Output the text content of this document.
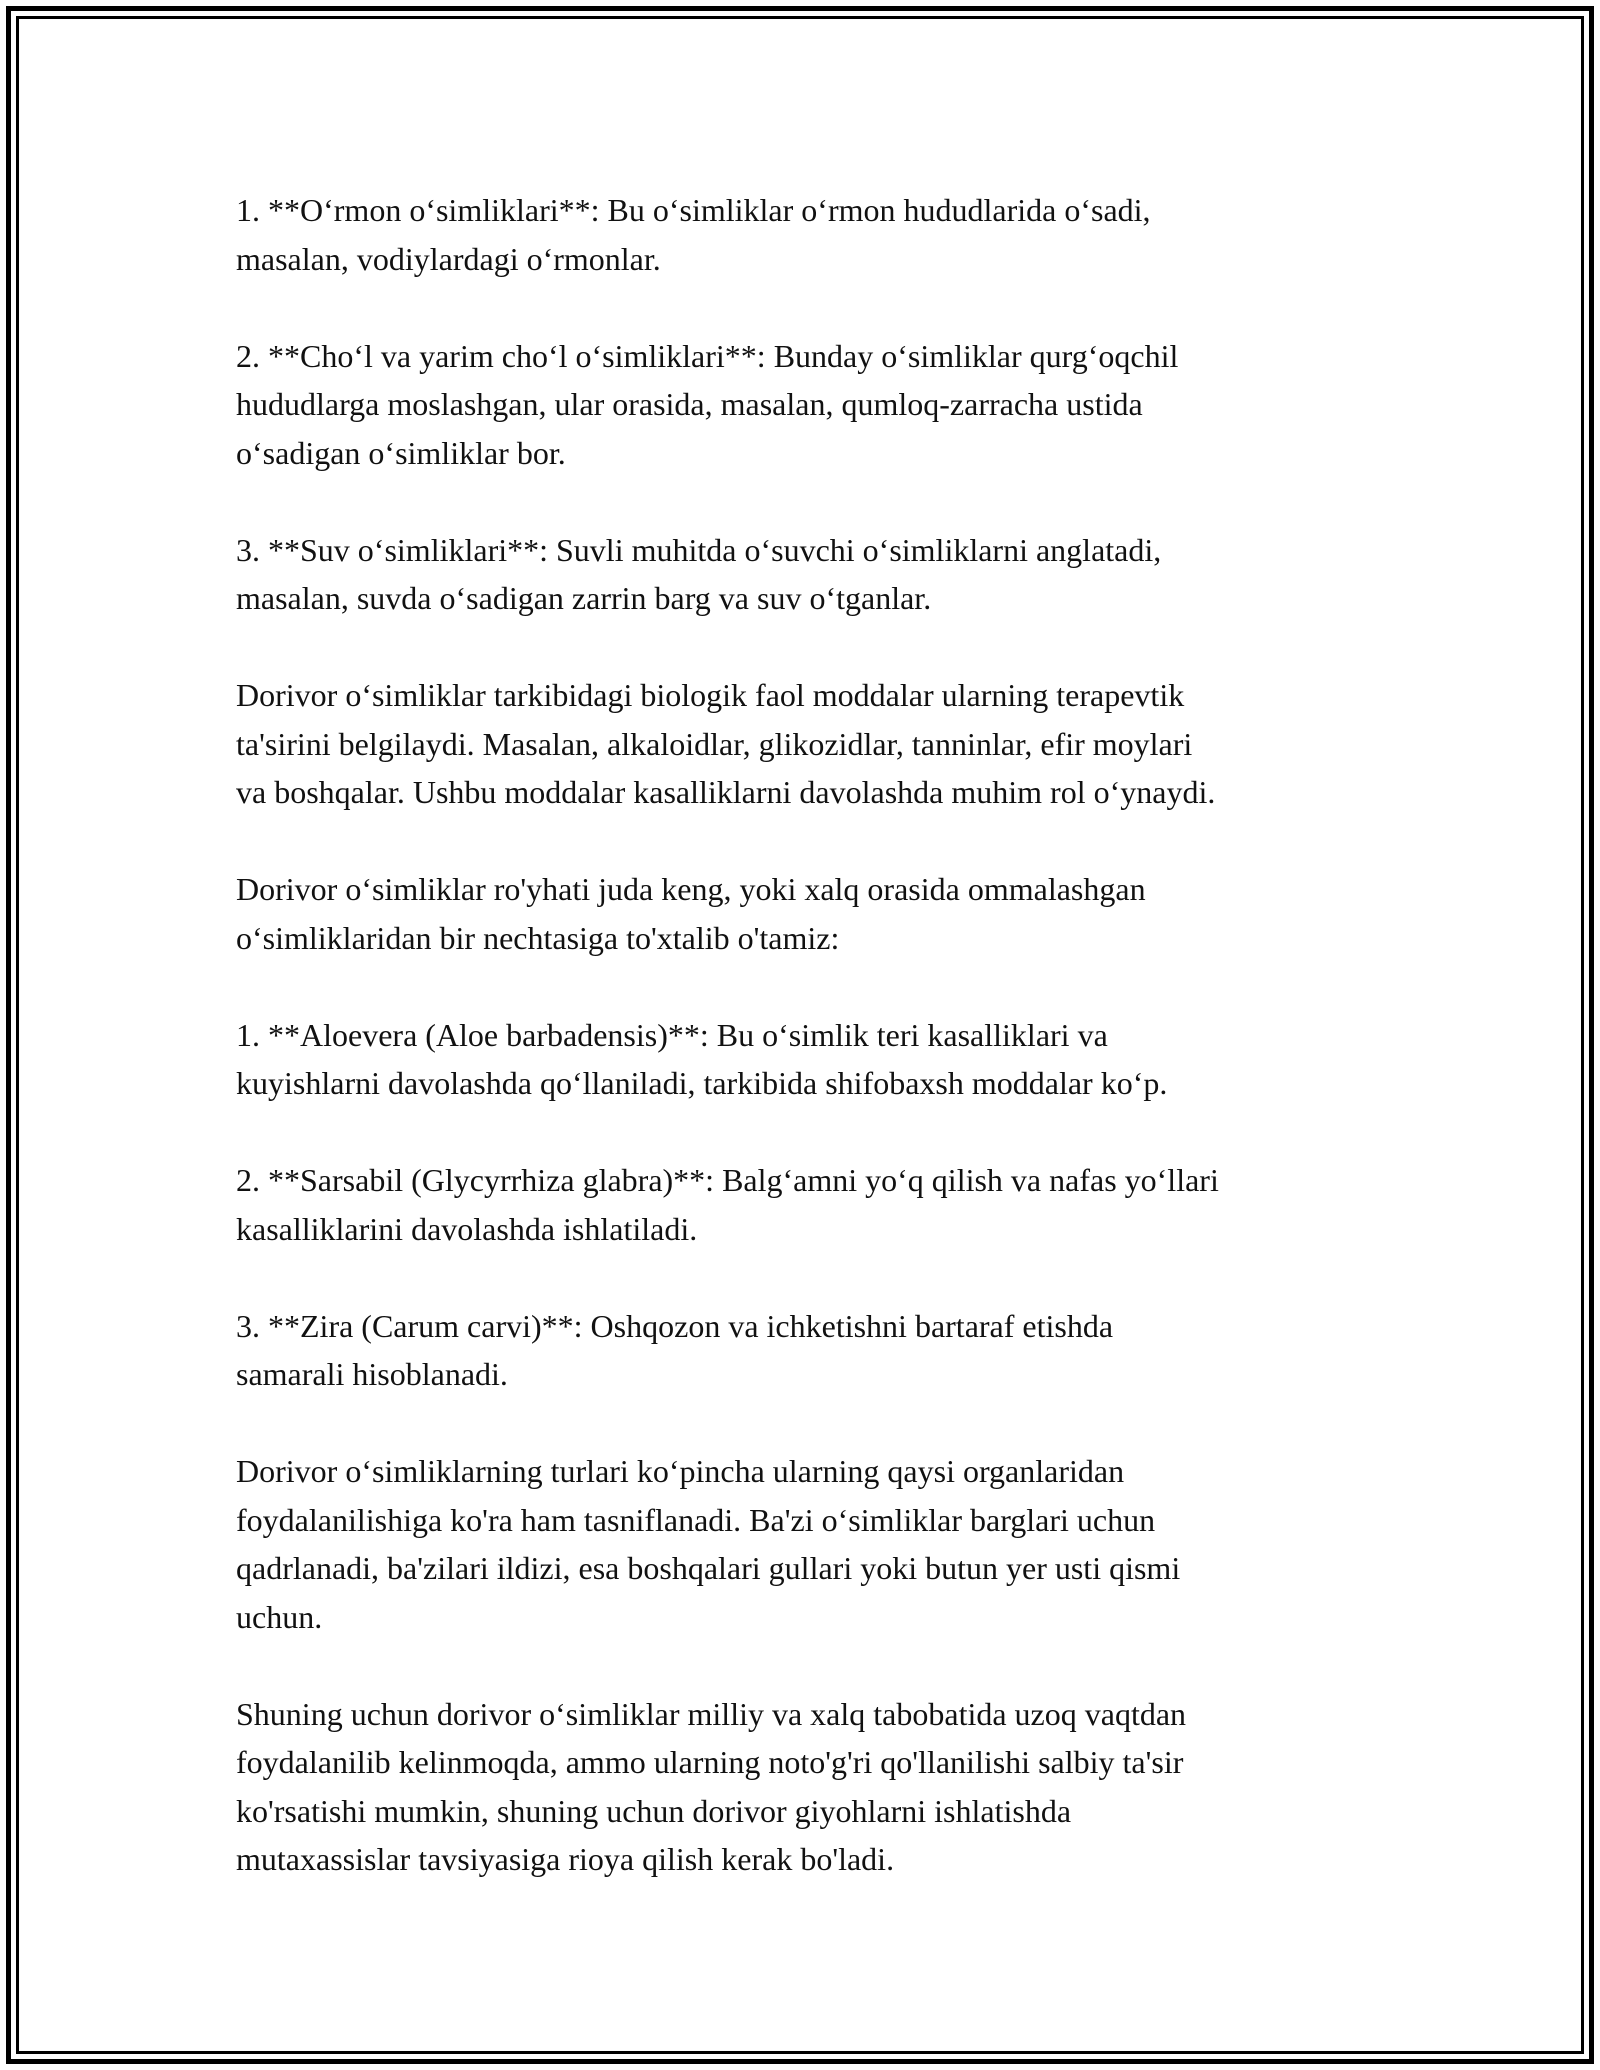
1. **O‘rmon o‘simliklari**: Bu o‘simliklar o‘rmon hududlarida o‘sadi,
masalan, vodiylardagi o‘rmonlar.

2. **Cho‘l va yarim cho‘l o‘simliklari**: Bunday o‘simliklar qurg‘oqchil
hududlarga moslashgan, ular orasida, masalan, qumloq-zarracha ustida
o‘sadigan o‘simliklar bor.

3. **Suv o‘simliklari**: Suvli muhitda o‘suvchi o‘simliklarni anglatadi,
masalan, suvda o‘sadigan zarrin barg va suv o‘tganlar.

Dorivor o‘simliklar tarkibidagi biologik faol moddalar ularning terapevtik
ta'sirini belgilaydi. Masalan, alkaloidlar, glikozidlar, tanninlar, efir moylari
va boshqalar. Ushbu moddalar kasalliklarni davolashda muhim rol o‘ynaydi.

Dorivor o‘simliklar ro'yhati juda keng, yoki xalq orasida ommalashgan
o‘simliklaridan bir nechtasiga to'xtalib o'tamiz:

1. **Aloevera (Aloe barbadensis)**: Bu o‘simlik teri kasalliklari va
kuyishlarni davolashda qo‘llaniladi, tarkibida shifobaxsh moddalar ko‘p.

2. **Sarsabil (Glycyrrhiza glabra)**: Balg‘amni yo‘q qilish va nafas yo‘llari
kasalliklarini davolashda ishlatiladi.

3. **Zira (Carum carvi)**: Oshqozon va ichketishni bartaraf etishda
samarali hisoblanadi.

Dorivor o‘simliklarning turlari ko‘pincha ularning qaysi organlaridan
foydalanilishiga ko'ra ham tasniflanadi. Ba'zi o‘simliklar barglari uchun
qadrlanadi, ba'zilari ildizi, esa boshqalari gullari yoki butun yer usti qismi
uchun.

Shuning uchun dorivor o‘simliklar milliy va xalq tabobatida uzoq vaqtdan
foydalanilib kelinmoqda, ammo ularning noto'g'ri qo'llanilishi salbiy ta'sir
ko'rsatishi mumkin, shuning uchun dorivor giyohlarni ishlatishda
mutaxassislar tavsiyasiga rioya qilish kerak bo'ladi.
